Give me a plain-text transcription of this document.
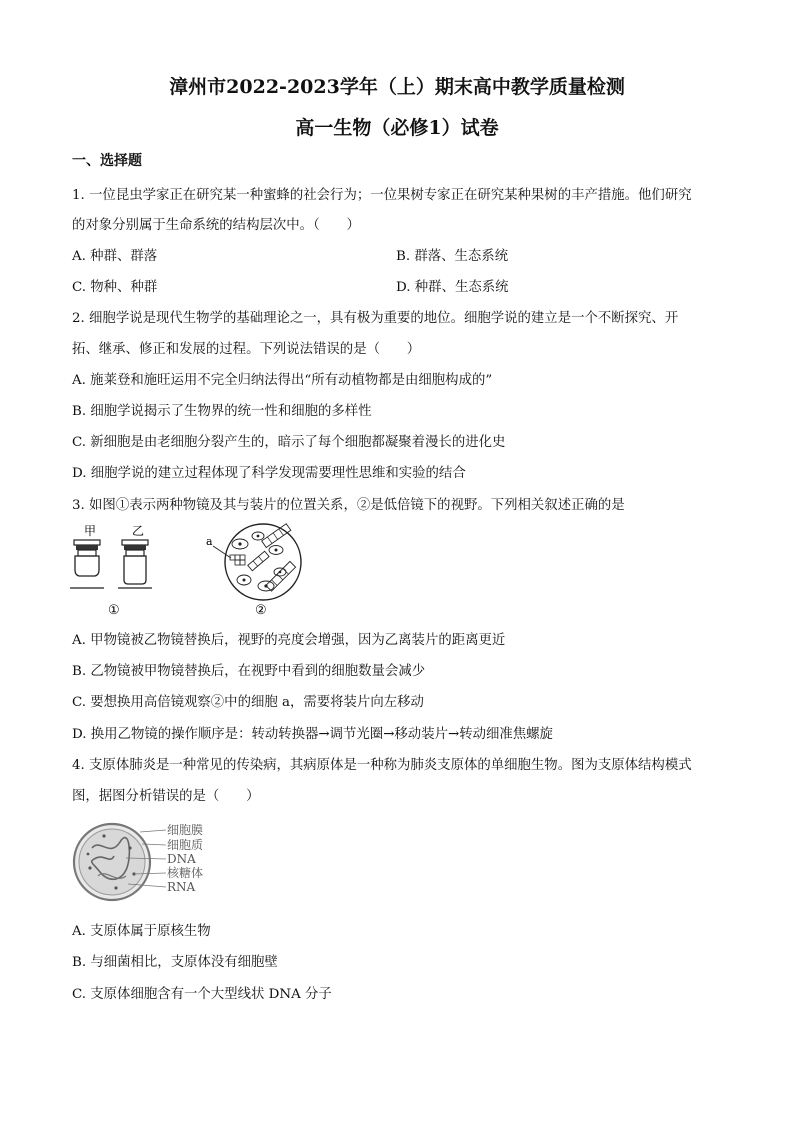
漳州市2022-2023学年（上）期末高中教学质量检测
高一生物（必修1）试卷
一、选择题
1. 一位昆虫学家正在研究某一种蜜蜂的社会行为；一位果树专家正在研究某种果树的丰产措施。他们研究
的对象分别属于生命系统的结构层次中。（　　）
A. 种群、群落	B. 群落、生态系统
C. 物种、种群	D. 种群、生态系统
2. 细胞学说是现代生物学的基础理论之一，具有极为重要的地位。细胞学说的建立是一个不断探究、开
拓、继承、修正和发展的过程。下列说法错误的是（　　）
A. 施莱登和施旺运用不完全归纳法得出“所有动植物都是由细胞构成的”
B. 细胞学说揭示了生物界的统一性和细胞的多样性
C. 新细胞是由老细胞分裂产生的，暗示了每个细胞都凝聚着漫长的进化史
D. 细胞学说的建立过程体现了科学发现需要理性思维和实验的结合
3. 如图①表示两种物镜及其与装片的位置关系，②是低倍镜下的视野。下列相关叙述正确的是
甲	乙
①
a
②
A. 甲物镜被乙物镜替换后，视野的亮度会增强，因为乙离装片的距离更近
B. 乙物镜被甲物镜替换后，在视野中看到的细胞数量会减少
C. 要想换用高倍镜观察②中的细胞 a，需要将装片向左移动
D. 换用乙物镜的操作顺序是：转动转换器→调节光圈→移动装片→转动细准焦螺旋
4. 支原体肺炎是一种常见的传染病，其病原体是一种称为肺炎支原体的单细胞生物。图为支原体结构模式
图，据图分析错误的是（　　）
细胞膜
细胞质
DNA
核糖体
RNA
A. 支原体属于原核生物
B. 与细菌相比，支原体没有细胞壁
C. 支原体细胞含有一个大型线状 DNA 分子
